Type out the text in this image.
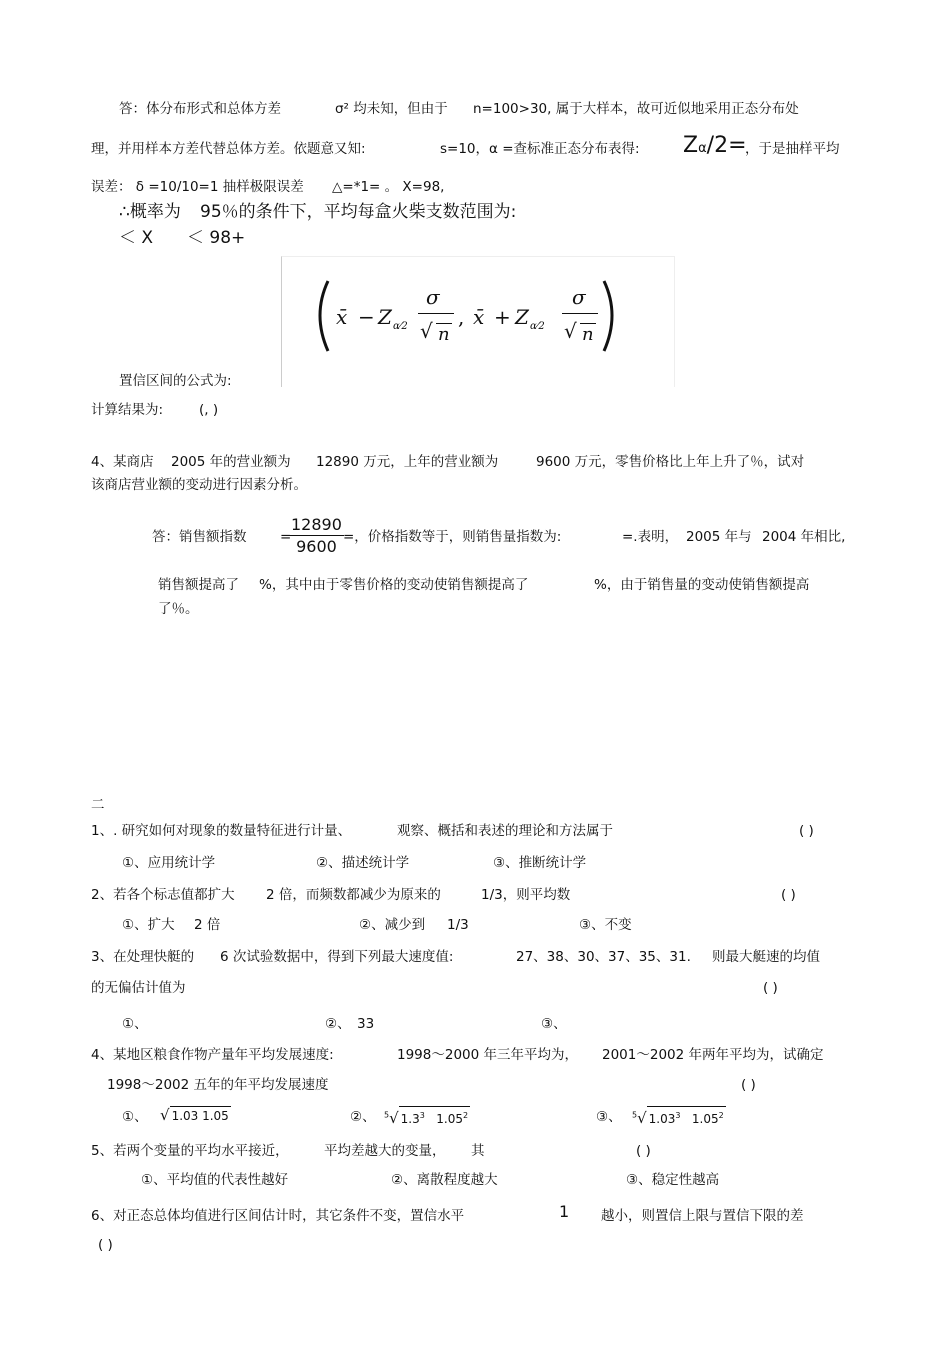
答：体分布形式和总体方差	σ² 均未知，但由于 n=100>30, 属于大样本，故可近似地采用正态分布处
理，并用样本方差代替总体方差。依题意又知:	s=10，α =查标准正态分布表得: Zα/2=
，于是抽样平均
误差： δ =10/10=1 抽样极限误差 △=*1= 。 X=98,
∴概率为 95％的条件下，平均每盒火柴支数范围为:
＜ X ＜ 98+
x̄ − Z α⁄2
σ
√ n
, x̄ + Z α⁄2
σ
√ n
置信区间的公式为:
计算结果为:	(, )
4、某商店 2005 年的营业额为 12890 万元，上年的营业额为	9600 万元，零售价格比上年上升了％，试对
该商店营业额的变动进行因素分析。
答：销售额指数 =
$\frac{12890}{9600}$ =，价格指数等于，则销售量指数为:	=.表明， 2005 年与 2004 年相比,
销售额提高了 %，其中由于零售价格的变动使销售额提高了	%，由于销售量的变动使销售额提高
了％。
二
1、. 研究如何对现象的数量特征进行计量、	观察、概括和表述的理论和方法属于	( )
①、应用统计学	②、描述统计学	③、推断统计学
2、若各个标志值都扩大 2 倍，而频数都减少为原来的	1/3，则平均数	( )
①、扩大 2 倍	②、减少到 1/3	③、不变
3、在处理快艇的 6 次试验数据中，得到下列最大速度值:	27、38、30、37、35、31. 则最大艇速的均值
的无偏估计值为	( )
①、	②、 33	③、
4、某地区粮食作物产量年平均发展速度:	1998～2000 年三年平均为， 2001～2002 年两年平均为，试确定
1998～2002 五年的年平均发展速度	( )
①、 √ 1.03 1.05	②、 $^5$√ $1.3^3$ 1.05$^2$	③、 $^5$√ 1.03$^3$ 1.05$^2$
5、若两个变量的平均水平接近，	平均差越大的变量， 其	( )
①、平均值的代表性越好	②、离散程度越大	③、稳定性越高
6、对正态总体均值进行区间估计时，其它条件不变，置信水平	1 越小，则置信上限与置信下限的差
( )
